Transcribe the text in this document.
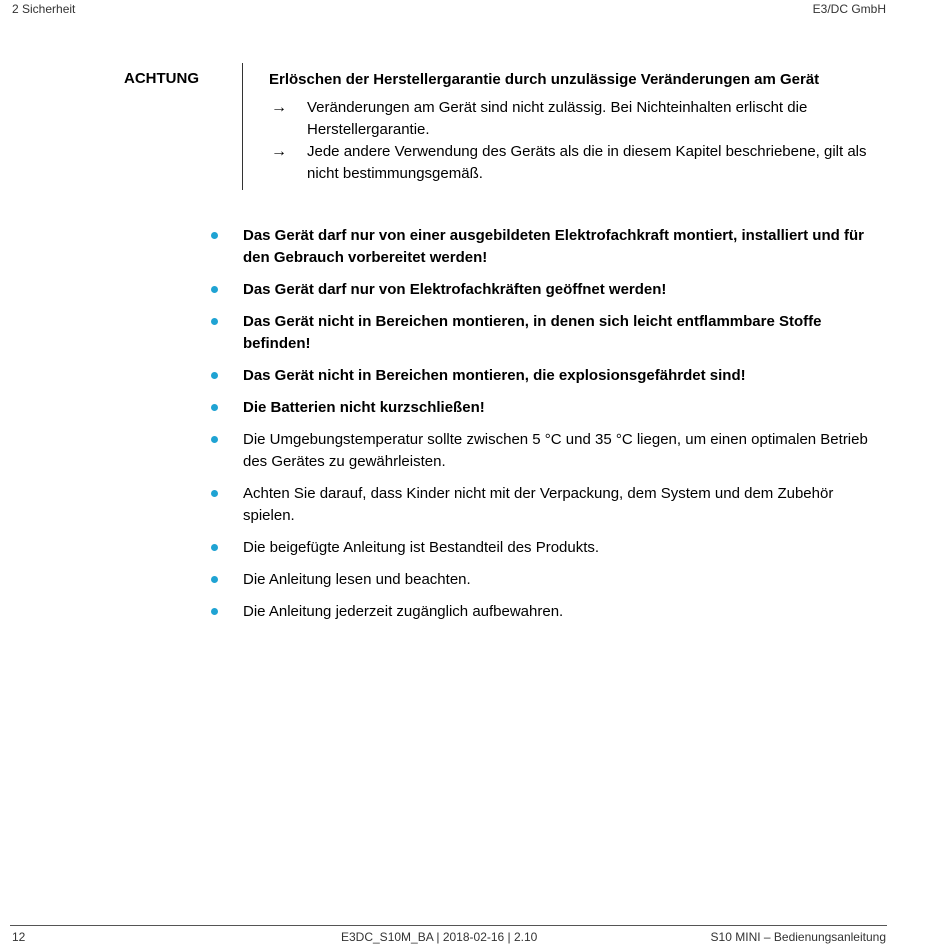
2 Sicherheit	E3/DC GmbH
ACHTUNG	Erlöschen der Herstellergarantie durch unzulässige Veränderungen am Gerät
→ Veränderungen am Gerät sind nicht zulässig. Bei Nichteinhalten erlischt die Herstellergarantie.
→ Jede andere Verwendung des Geräts als die in diesem Kapitel beschriebene, gilt als nicht bestimmungsgemäß.
Das Gerät darf nur von einer ausgebildeten Elektrofachkraft montiert, installiert und für den Gebrauch vorbereitet werden!
Das Gerät darf nur von Elektrofachkräften geöffnet werden!
Das Gerät nicht in Bereichen montieren, in denen sich leicht entflammbare Stoffe befinden!
Das Gerät nicht in Bereichen montieren, die explosionsgefährdet sind!
Die Batterien nicht kurzschließen!
Die Umgebungstemperatur sollte zwischen 5 °C und 35 °C liegen, um einen optimalen Betrieb des Gerätes zu gewährleisten.
Achten Sie darauf, dass Kinder nicht mit der Verpackung, dem System und dem Zubehör spielen.
Die beigefügte Anleitung ist Bestandteil des Produkts.
Die Anleitung lesen und beachten.
Die Anleitung jederzeit zugänglich aufbewahren.
12	E3DC_S10M_BA | 2018-02-16 | 2.10	S10 MINI – Bedienungsanleitung
